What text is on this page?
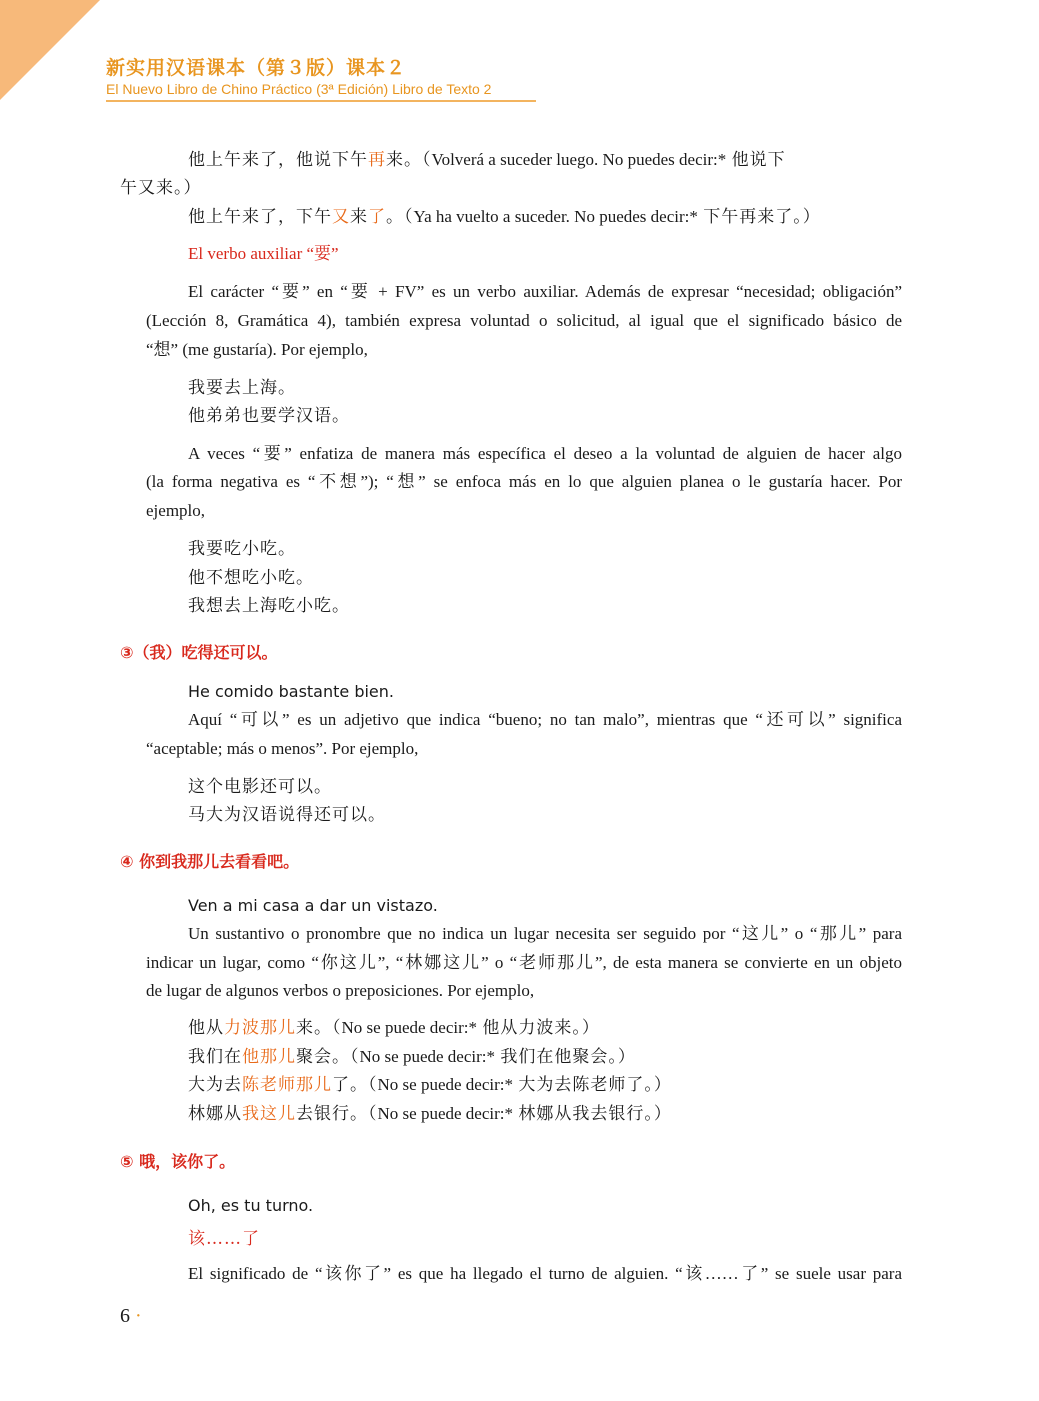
新实用汉语课本（第３版）课本２
El Nuevo Libro de Chino Práctico (3ª Edición) Libro de Texto 2
他上午来了，他说下午再来。（Volverá a suceder luego. No puedes decir:* 他说下
午又来。）
他上午来了，下午又来了。（Ya ha vuelto a suceder. No puedes decir:* 下午再来了。）
El verbo auxiliar “要”
El carácter “要” en “要 + FV” es un verbo auxiliar. Además de expresar “necesidad; obligación”
(Lección 8, Gramática 4), también expresa voluntad o solicitud, al igual que el significado básico de
“想” (me gustaría). Por ejemplo,
我要去上海。
他弟弟也要学汉语。
A veces “要” enfatiza de manera más específica el deseo a la voluntad de alguien de hacer algo
(la forma negativa es “不想”); “想” se enfoca más en lo que alguien planea o le gustaría hacer. Por
ejemplo,
我要吃小吃。
他不想吃小吃。
我想去上海吃小吃。
③（我）吃得还可以。
He comido bastante bien.
Aquí “可以” es un adjetivo que indica “bueno; no tan malo”, mientras que “还可以” significa
“aceptable; más o menos”. Por ejemplo,
这个电影还可以。
马大为汉语说得还可以。
④ 你到我那儿去看看吧。
Ven a mi casa a dar un vistazo.
Un sustantivo o pronombre que no indica un lugar necesita ser seguido por “这儿” o “那儿” para
indicar un lugar, como “你这儿”, “林娜这儿” o “老师那儿”, de esta manera se convierte en un objeto
de lugar de algunos verbos o preposiciones. Por ejemplo,
他从力波那儿来。（No se puede decir:* 他从力波来。）
我们在他那儿聚会。（No se puede decir:* 我们在他聚会。）
大为去陈老师那儿了。（No se puede decir:* 大为去陈老师了。）
林娜从我这儿去银行。（No se puede decir:* 林娜从我去银行。）
⑤ 哦，该你了。
Oh, es tu turno.
该……了
El significado de “该你了” es que ha llegado el turno de alguien. “该……了” se suele usar para
6 ·
